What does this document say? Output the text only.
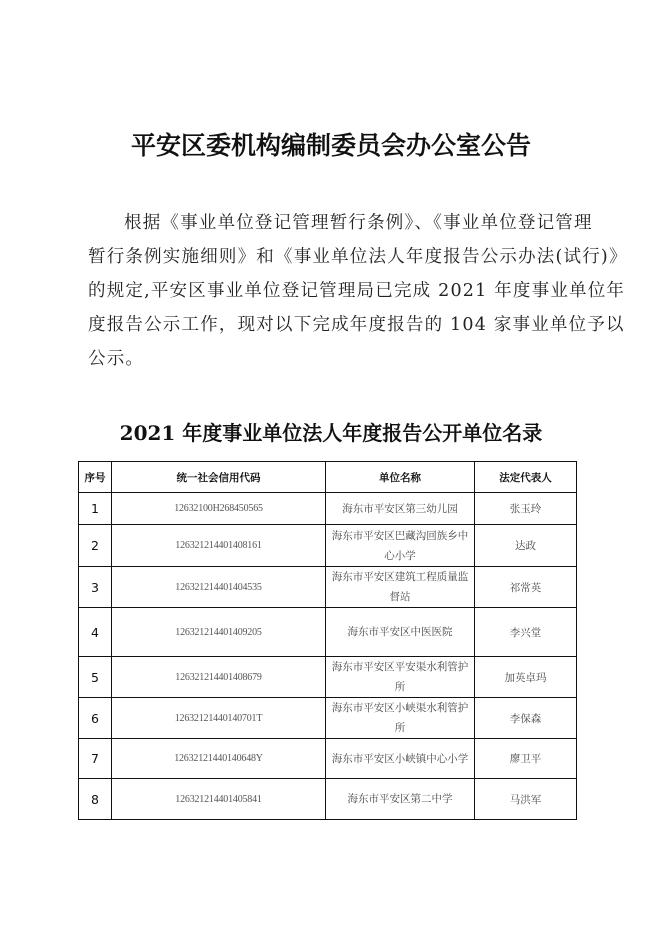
平安区委机构编制委员会办公室公告
根据《事业单位登记管理暂行条例》、《事业单位登记管理
暂行条例实施细则》和《事业单位法人年度报告公示办法(试行)》
的规定,平安区事业单位登记管理局已完成 2021 年度事业单位年
度报告公示工作，现对以下完成年度报告的 104 家事业单位予以
公示。
2021 年度事业单位法人年度报告公开单位名录
序号	统一社会信用代码	单位名称	法定代表人
1	12632100H268450565	海东市平安区第三幼儿园	张玉玲
2	126321214401408161	海东市平安区巴藏沟回族乡中心小学	达政
3	126321214401404535	海东市平安区建筑工程质量监督站	祁常英
4	126321214401409205	海东市平安区中医医院	李兴堂
5	126321214401408679	海东市平安区平安渠水利管护所	加英卓玛
6	12632121440140701T	海东市平安区小峡渠水利管护所	李保森
7	12632121440140648Y	海东市平安区小峡镇中心小学	廖卫平
8	126321214401405841	海东市平安区第二中学	马洪军
